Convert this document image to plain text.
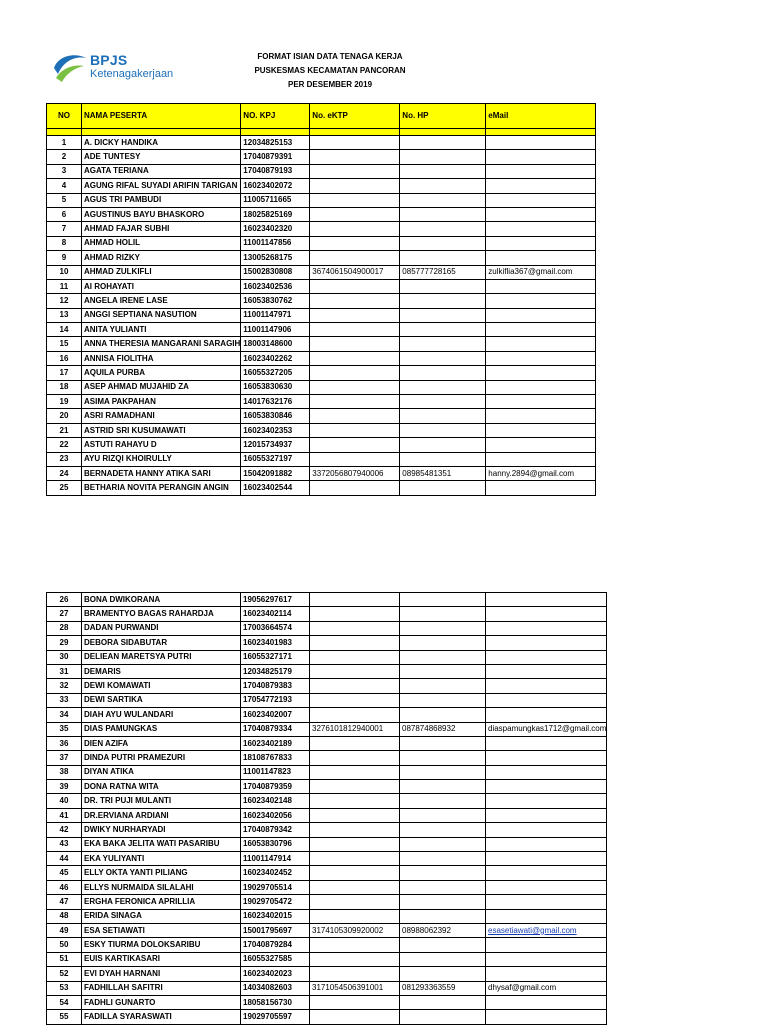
BPJS
Ketenagakerjaan
FORMAT ISIAN DATA TENAGA KERJA
PUSKESMAS KECAMATAN PANCORAN
PER DESEMBER 2019
NO	NAMA PESERTA	NO. KPJ	No. eKTP	No. HP	eMail

1	A. DICKY HANDIKA	12034825153			
2	ADE TUNTESY	17040879391			
3	AGATA TERIANA	17040879193			
4	AGUNG RIFAL SUYADI ARIFIN TARIGAN	16023402072			
5	AGUS TRI PAMBUDI	11005711665			
6	AGUSTINUS BAYU BHASKORO	18025825169			
7	AHMAD FAJAR SUBHI	16023402320			
8	AHMAD HOLIL	11001147856			
9	AHMAD RIZKY	13005268175			
10	AHMAD ZULKIFLI	15002830808	3674061504900017	085777728165	zulkiflia367@gmail.com
11	AI ROHAYATI	16023402536			
12	ANGELA IRENE LASE	16053830762			
13	ANGGI SEPTIANA NASUTION	11001147971			
14	ANITA YULIANTI	11001147906			
15	ANNA THERESIA MANGARANI SARAGIH	18003148600			
16	ANNISA FIOLITHA	16023402262			
17	AQUILA PURBA	16055327205			
18	ASEP AHMAD MUJAHID ZA	16053830630			
19	ASIMA PAKPAHAN	14017632176			
20	ASRI RAMADHANI	16053830846			
21	ASTRID SRI KUSUMAWATI	16023402353			
22	ASTUTI RAHAYU D	12015734937			
23	AYU RIZQI KHOIRULLY	16055327197			
24	BERNADETA HANNY ATIKA SARI	15042091882	3372056807940006	08985481351	hanny.2894@gmail.com
25	BETHARIA NOVITA PERANGIN ANGIN	16023402544			
26	BONA DWIKORANA	19056297617			
27	BRAMENTYO BAGAS RAHARDJA	16023402114			
28	DADAN PURWANDI	17003664574			
29	DEBORA SIDABUTAR	16023401983			
30	DELIEAN MARETSYA PUTRI	16055327171			
31	DEMARIS	12034825179			
32	DEWI KOMAWATI	17040879383			
33	DEWI SARTIKA	17054772193			
34	DIAH AYU WULANDARI	16023402007			
35	DIAS PAMUNGKAS	17040879334	3276101812940001	087874868932	diaspamungkas1712@gmail.com
36	DIEN AZIFA	16023402189			
37	DINDA PUTRI PRAMEZURI	18108767833			
38	DIYAN ATIKA	11001147823			
39	DONA RATNA WITA	17040879359			
40	DR. TRI PUJI MULANTI	16023402148			
41	DR.ERVIANA ARDIANI	16023402056			
42	DWIKY NURHARYADI	17040879342			
43	EKA BAKA JELITA WATI PASARIBU	16053830796			
44	EKA YULIYANTI	11001147914			
45	ELLY OKTA YANTI PILIANG	16023402452			
46	ELLYS NURMAIDA SILALAHI	19029705514			
47	ERGHA FERONICA APRILLIA	19029705472			
48	ERIDA SINAGA	16023402015			
49	ESA SETIAWATI	15001795697	3174105309920002	08988062392	esasetiawati@gmail.com
50	ESKY TIURMA DOLOKSARIBU	17040879284			
51	EUIS KARTIKASARI	16055327585			
52	EVI DYAH HARNANI	16023402023			
53	FADHILLAH SAFITRI	14034082603	3171054506391001	081293363559	dhysaf@gmail.com
54	FADHLI GUNARTO	18058156730			
55	FADILLA SYARASWATI	19029705597			
